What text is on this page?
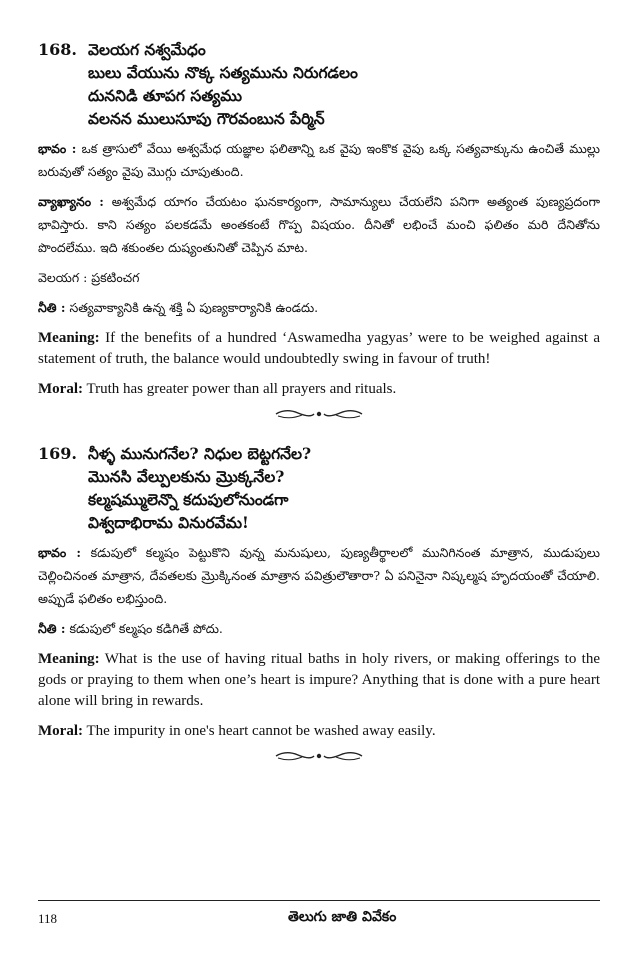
168. వెలయగ నశ్వమేధం
బులు వేయును నొక్క సత్యమును నిరుగడలం
దుననిడి తూపగ సత్యము
వలనన ములుసూపు గౌరవంబున పేర్మిన్
భావం : ఒక త్రాసులో వేయి అశ్వమేధ యజ్ఞాల ఫలితాన్ని ఒక వైపు ఇంకొక వైపు ఒక్క సత్యవాక్కును ఉంచితే ముల్లు బరువుతో సత్యం వైపు మొగ్గు చూపుతుంది.
వ్యాఖ్యానం : అశ్వమేధ యాగం చేయటం ఘనకార్యంగా, సామాన్యులు చేయలేని పనిగా అత్యంత పుణ్యప్రదంగా భావిస్తారు. కాని సత్యం పలకడమే అంతకంటే గొప్ప విషయం. దీనితో లభించే మంచి ఫలితం మరి దేనితోను పొందలేము. ఇది శకుంతల దుష్యంతునితో చెప్పిన మాట.
వెలయగ : ప్రకటించగ
నీతి : సత్యవాక్యానికి ఉన్న శక్తి ఏ పుణ్యకార్యానికి ఉండదు.
Meaning: If the benefits of a hundred ‘Aswamedha yagyas’ were to be weighed against a statement of truth, the balance would undoubtedly swing in favour of truth!
Moral: Truth has greater power than all prayers and rituals.
169. నీళ్ళ మునుగనేల? నిధుల బెట్టగనేల?
మొనసి వేల్పులకును మ్రొక్కనేల?
కల్మషమ్ములెన్నొ కదుపులోనుండగా
విశ్వదాభిరామ వినురవేమ!
భావం : కడుపులో కల్మషం పెట్టుకొని వున్న మనుషులు, పుణ్యతీర్థాలలో మునిగినంత మాత్రాన, ముడుపులు చెల్లించినంత మాత్రాన, దేవతలకు మ్రొక్కినంత మాత్రాన పవిత్రులౌతారా? ఏ పనినైనా నిష్కల్మష హృదయంతో చేయాలి. అప్పుడే ఫలితం లభిస్తుంది.
నీతి : కడుపులో కల్మషం కడిగితే పోదు.
Meaning: What is the use of having ritual baths in holy rivers, or making offerings to the gods or praying to them when one’s heart is impure? Anything that is done with a pure heart alone will bring in rewards.
Moral: The impurity in one's heart cannot be washed away easily.
118	తెలుగు జాతి వివేకం
